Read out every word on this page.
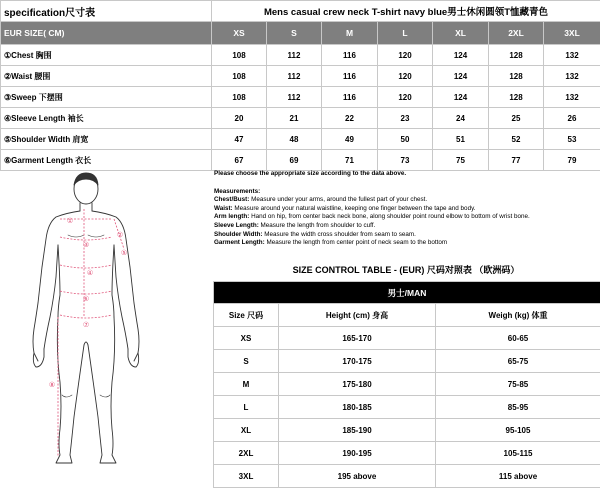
specification尺寸表	Mens casual crew neck T-shirt navy blue男士休闲圆领T恤藏青色						
EUR SIZE( CM)	XS	S	M	L	XL	2XL	3XL
①Chest 胸围	108	112	116	120	124	128	132
②Waist 腰围	108	112	116	120	124	128	132
③Sweep 下摆围	108	112	116	120	124	128	132
④Sleeve Length 袖长	20	21	22	23	24	25	26
⑤Shoulder Width 肩宽	47	48	49	50	51	52	53
⑥Garment Length 衣长	67	69	71	73	75	77	79
①
②
③
④
⑤
⑥
⑦
⑧
Please choose the appropriate size according to the data above.
Measurements:
Chest/Bust: Measure under your arms, around the fullest part of your chest.
Waist: Measure around your natural waistline, keeping one finger between the tape and body.
Arm length: Hand on hip, from center back neck bone, along shoulder point round elbow to bottom of wrist bone.
Sleeve Length: Measure the length from shoulder to cuff.
Shoulder Width: Measure the width cross shoulder from seam to seam.
Garment Length: Measure the length from center point of neck seam to the bottom
SIZE CONTROL TABLE - (EUR) 尺码对照表 （欧洲码）
男士/MAN		
Size 尺码	Height (cm) 身高	Weigh (kg) 体重
XS	165-170	60-65
S	170-175	65-75
M	175-180	75-85
L	180-185	85-95
XL	185-190	95-105
2XL	190-195	105-115
3XL	195 above	115 above
